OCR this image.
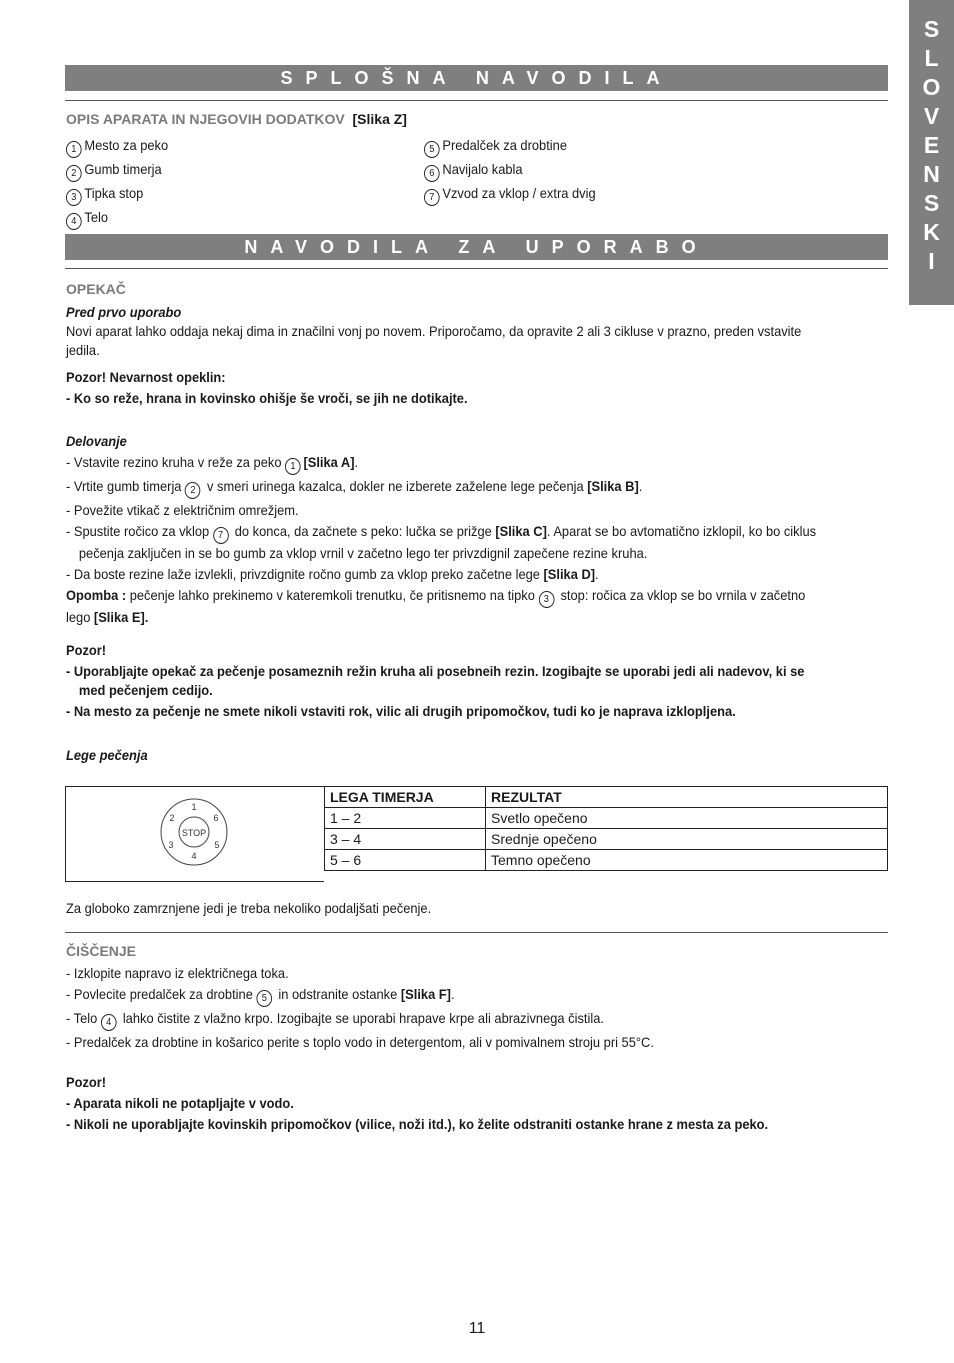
S
L
O
V
E
N
S
K
I
SPLOŠNA NAVODILA
OPIS APARATA IN NJEGOVIH DODATKOV [Slika Z]
1 Mesto za peko
2 Gumb timerja
3 Tipka stop
4 Telo
5 Predalček za drobtine
6 Navijalo kabla
7 Vzvod za vklop / extra dvig
NAVODILA ZA UPORABO
OPEKAČ
Pred prvo uporabo
Novi aparat lahko oddaja nekaj dima in značilni vonj po novem. Priporočamo, da opravite 2 ali 3 cikluse v prazno, preden vstavite jedila.
Pozor! Nevarnost opeklin:
- Ko so reže, hrana in kovinsko ohišje še vroči, se jih ne dotikajte.
Delovanje
- Vstavite rezino kruha v reže za peko 1 [Slika A].
- Vrtite gumb timerja 2 v smeri urinega kazalca, dokler ne izberete zaželene lege pečenja [Slika B].
- Povežite vtikač z električnim omrežjem.
- Spustite ročico za vklop 7 do konca, da začnete s peko: lučka se prižge [Slika C]. Aparat se bo avtomatično izklopil, ko bo ciklus pečenja zaključen in se bo gumb za vklop vrnil v začetno lego ter privzdignil zapečene rezine kruha.
- Da boste rezine laže izvlekli, privzdignite ročno gumb za vklop preko začetne lege [Slika D].
Opomba : pečenje lahko prekinemo v kateremkoli trenutku, če pritisnemo na tipko 3 stop: ročica za vklop se bo vrnila v začetno lego [Slika E].
Pozor!
- Uporabljajte opekač za pečenje posameznih režin kruha ali posebneih rezin. Izogibajte se uporabi jedi ali nadevov, ki se med pečenjem cedijo.
- Na mesto za pečenje ne smete nikoli vstaviti rok, vilic ali drugih pripomočkov, tudi ko je naprava izklopljena.
Lege pečenja
STOP
1
6
5
4
3
2
LEGA TIMERJA	REZULTAT
1 – 2	Svetlo opečeno
3 – 4	Srednje opečeno
5 – 6	Temno opečeno
Za globoko zamrznjene jedi je treba nekoliko podaljšati pečenje.
ČIŠČENJE
- Izklopite napravo iz električnega toka.
- Povlecite predalček za drobtine 5 in odstranite ostanke [Slika F].
- Telo 4 lahko čistite z vlažno krpo. Izogibajte se uporabi hrapave krpe ali abrazivnega čistila.
- Predalček za drobtine in košarico perite s toplo vodo in detergentom, ali v pomivalnem stroju pri 55°C.
Pozor!
- Aparata nikoli ne potapljajte v vodo.
- Nikoli ne uporabljajte kovinskih pripomočkov (vilice, noži itd.), ko želite odstraniti ostanke hrane z mesta za peko.
11
